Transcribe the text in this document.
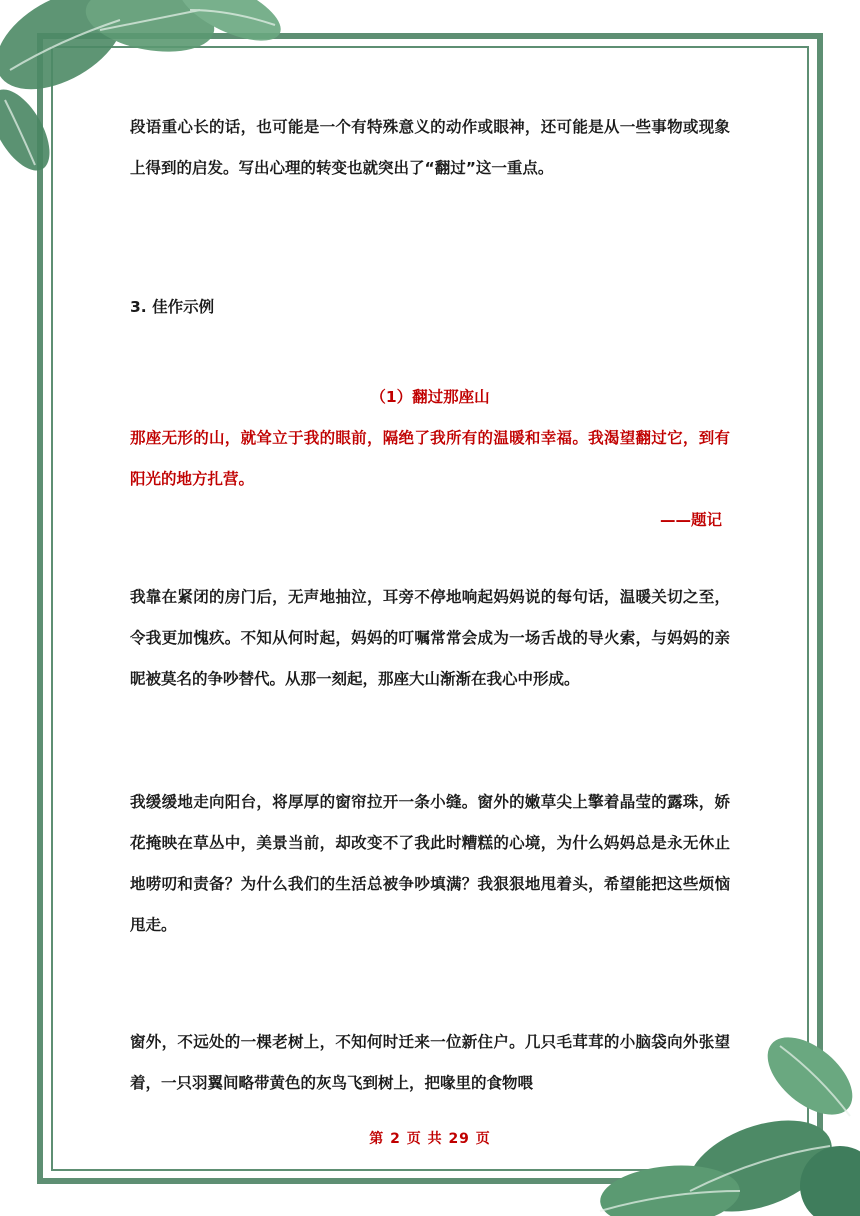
段语重心长的话，也可能是一个有特殊意义的动作或眼神，还可能是从一些事物或现象上得到的启发。写出心理的转变也就突出了“翻过”这一重点。

3. 佳作示例

（1）翻过那座山

那座无形的山，就耸立于我的眼前，隔绝了我所有的温暖和幸福。我渴望翻过它，到有阳光的地方扎营。

——题记

我靠在紧闭的房门后，无声地抽泣，耳旁不停地响起妈妈说的每句话，温暖关切之至，令我更加愧疚。不知从何时起，妈妈的叮嘱常常会成为一场舌战的导火索，与妈妈的亲昵被莫名的争吵替代。从那一刻起，那座大山渐渐在我心中形成。

我缓缓地走向阳台，将厚厚的窗帘拉开一条小缝。窗外的嫩草尖上擎着晶莹的露珠，娇花掩映在草丛中，美景当前，却改变不了我此时糟糕的心境，为什么妈妈总是永无休止地唠叨和责备？为什么我们的生活总被争吵填满？我狠狠地甩着头，希望能把这些烦恼甩走。

窗外，不远处的一棵老树上，不知何时迁来一位新住户。几只毛茸茸的小脑袋向外张望着，一只羽翼间略带黄色的灰鸟飞到树上，把喙里的食物喂

第 2 页 共 29 页
